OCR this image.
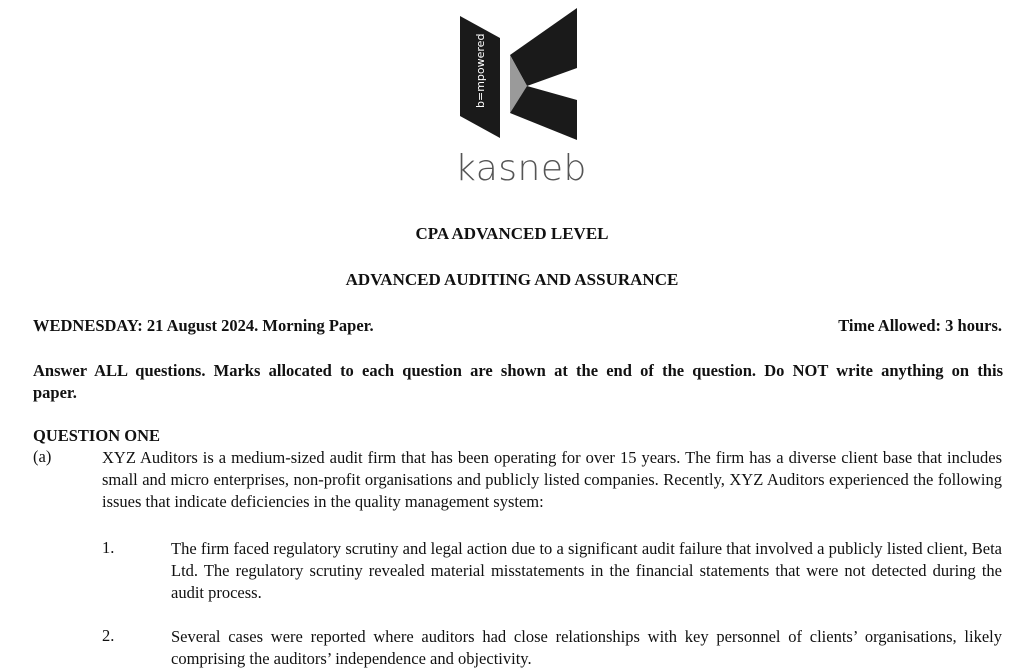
b=mpowered
kasneb
CPA ADVANCED LEVEL
ADVANCED AUDITING AND ASSURANCE
WEDNESDAY: 21 August 2024. Morning Paper.	Time Allowed: 3 hours.
Answer ALL questions. Marks allocated to each question are shown at the end of the question. Do NOT write anything on this paper.
QUESTION ONE
(a)	XYZ Auditors is a medium-sized audit firm that has been operating for over 15 years. The firm has a diverse client base that includes small and micro enterprises, non-profit organisations and publicly listed companies. Recently, XYZ Auditors experienced the following issues that indicate deficiencies in the quality management system:
1.	The firm faced regulatory scrutiny and legal action due to a significant audit failure that involved a publicly listed client, Beta Ltd. The regulatory scrutiny revealed material misstatements in the financial statements that were not detected during the audit process.
2.	Several cases were reported where auditors had close relationships with key personnel of clients’ organisations, likely comprising the auditors’ independence and objectivity.
